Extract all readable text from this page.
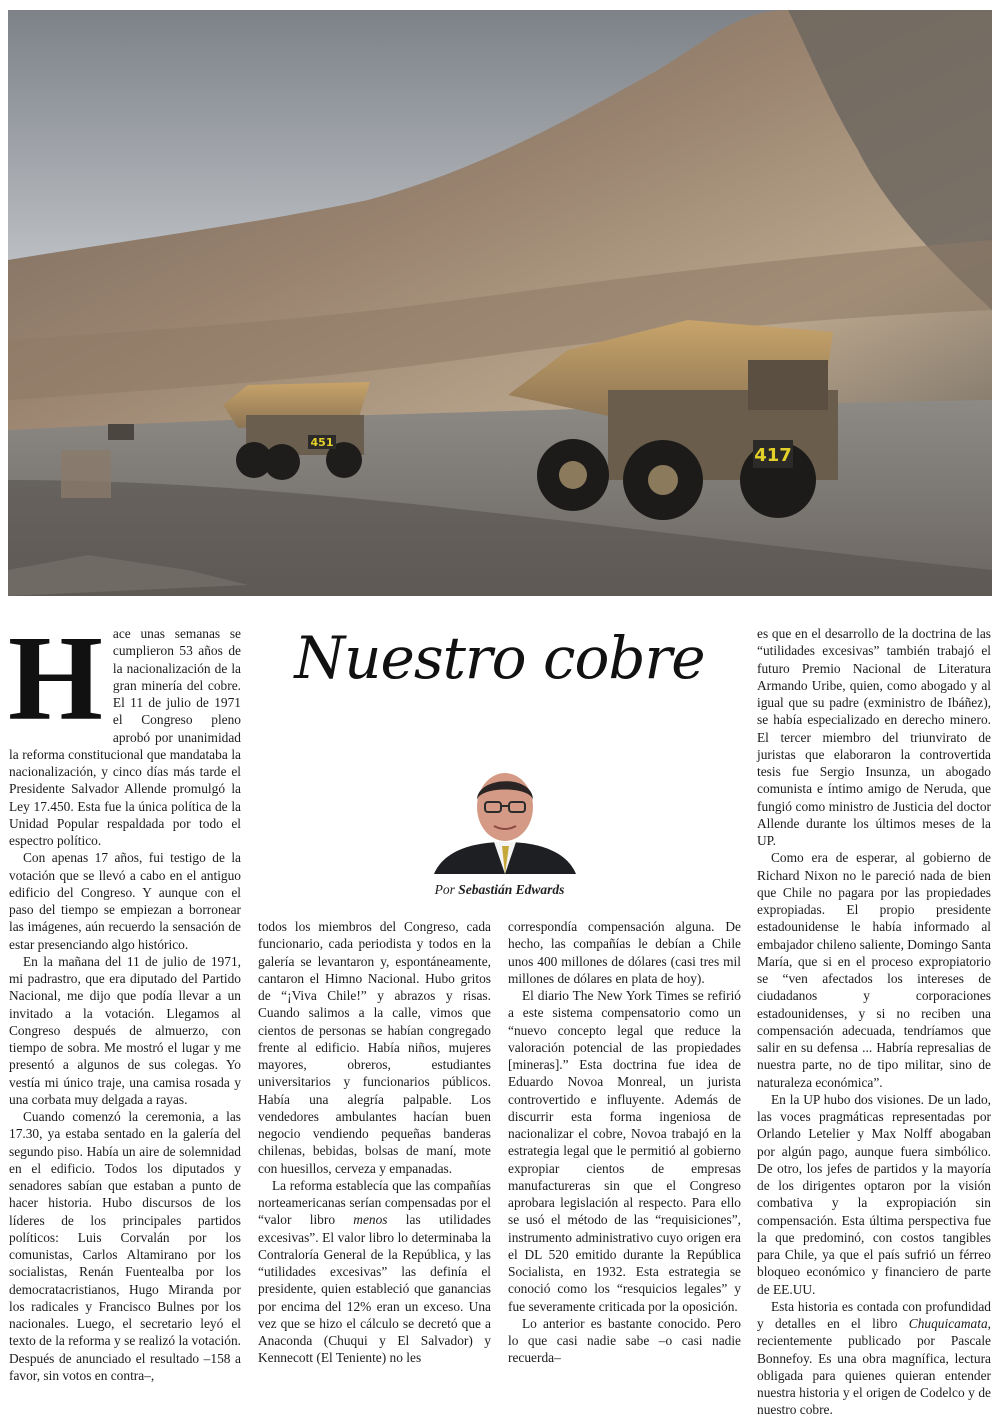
451
417
Nuestro cobre
Por Sebastián Edwards

Hace unas semanas se cumplieron 53 años de la nacionalización de la gran minería del cobre. El 11 de julio de 1971 el Congreso pleno aprobó por unanimidad la reforma constitucional que mandataba la nacionalización, y cinco días más tarde el Presidente Salvador Allende promulgó la Ley 17.450. Esta fue la única política de la Unidad Popular respaldada por todo el espectro político.

Con apenas 17 años, fui testigo de la votación que se llevó a cabo en el antiguo edificio del Congreso. Y aunque con el paso del tiempo se empiezan a borronear las imágenes, aún recuerdo la sensación de estar presenciando algo histórico.

En la mañana del 11 de julio de 1971, mi padrastro, que era diputado del Partido Nacional, me dijo que podía llevar a un invitado a la votación. Llegamos al Congreso después de almuerzo, con tiempo de sobra. Me mostró el lugar y me presentó a algunos de sus colegas. Yo vestía mi único traje, una camisa rosada y una corbata muy delgada a rayas.

Cuando comenzó la ceremonia, a las 17.30, ya estaba sentado en la galería del segundo piso. Había un aire de solemnidad en el edificio. Todos los diputados y senadores sabían que estaban a punto de hacer historia. Hubo discursos de los líderes de los principales partidos políticos: Luis Corvalán por los comunistas, Carlos Altamirano por los socialistas, Renán Fuentealba por los democratacristianos, Hugo Miranda por los radicales y Francisco Bulnes por los nacionales. Luego, el secretario leyó el texto de la reforma y se realizó la votación. Después de anunciado el resultado –158 a favor, sin votos en contra–,

todos los miembros del Congreso, cada funcionario, cada periodista y todos en la galería se levantaron y, espontáneamente, cantaron el Himno Nacional. Hubo gritos de “¡Viva Chile!” y abrazos y risas. Cuando salimos a la calle, vimos que cientos de personas se habían congregado frente al edificio. Había niños, mujeres mayores, obreros, estudiantes universitarios y funcionarios públicos. Había una alegría palpable. Los vendedores ambulantes hacían buen negocio vendiendo pequeñas banderas chilenas, bebidas, bolsas de maní, mote con huesillos, cerveza y empanadas.

La reforma establecía que las compañías norteamericanas serían compensadas por el “valor libro menos las utilidades excesivas”. El valor libro lo determinaba la Contraloría General de la República, y las “utilidades excesivas” las definía el presidente, quien estableció que ganancias por encima del 12% eran un exceso. Una vez que se hizo el cálculo se decretó que a Anaconda (Chuqui y El Salvador) y Kennecott (El Teniente) no les

correspondía compensación alguna. De hecho, las compañías le debían a Chile unos 400 millones de dólares (casi tres mil millones de dólares en plata de hoy).

El diario The New York Times se refirió a este sistema compensatorio como un “nuevo concepto legal que reduce la valoración potencial de las propiedades [mineras].” Esta doctrina fue idea de Eduardo Novoa Monreal, un jurista controvertido e influyente. Además de discurrir esta forma ingeniosa de nacionalizar el cobre, Novoa trabajó en la estrategia legal que le permitió al gobierno expropiar cientos de empresas manufactureras sin que el Congreso aprobara legislación al respecto. Para ello se usó el método de las “requisiciones”, instrumento administrativo cuyo origen era el DL 520 emitido durante la República Socialista, en 1932. Esta estrategia se conoció como los “resquicios legales” y fue severamente criticada por la oposición.

Lo anterior es bastante conocido. Pero lo que casi nadie sabe –o casi nadie recuerda–

es que en el desarrollo de la doctrina de las “utilidades excesivas” también trabajó el futuro Premio Nacional de Literatura Armando Uribe, quien, como abogado y al igual que su padre (exministro de Ibáñez), se había especializado en derecho minero. El tercer miembro del triunvirato de juristas que elaboraron la controvertida tesis fue Sergio Insunza, un abogado comunista e íntimo amigo de Neruda, que fungió como ministro de Justicia del doctor Allende durante los últimos meses de la UP.

Como era de esperar, al gobierno de Richard Nixon no le pareció nada de bien que Chile no pagara por las propiedades expropiadas. El propio presidente estadounidense le había informado al embajador chileno saliente, Domingo Santa María, que si en el proceso expropiatorio se “ven afectados los intereses de ciudadanos y corporaciones estadounidenses, y si no reciben una compensación adecuada, tendríamos que salir en su defensa ... Habría represalias de nuestra parte, no de tipo militar, sino de naturaleza económica”.

En la UP hubo dos visiones. De un lado, las voces pragmáticas representadas por Orlando Letelier y Max Nolff abogaban por algún pago, aunque fuera simbólico. De otro, los jefes de partidos y la mayoría de los dirigentes optaron por la visión combativa y la expropiación sin compensación. Esta última perspectiva fue la que predominó, con costos tangibles para Chile, ya que el país sufrió un férreo bloqueo económico y financiero de parte de EE.UU.

Esta historia es contada con profundidad y detalles en el libro Chuquicamata, recientemente publicado por Pascale Bonnefoy. Es una obra magnífica, lectura obligada para quienes quieran entender nuestra historia y el origen de Codelco y de nuestro cobre.
